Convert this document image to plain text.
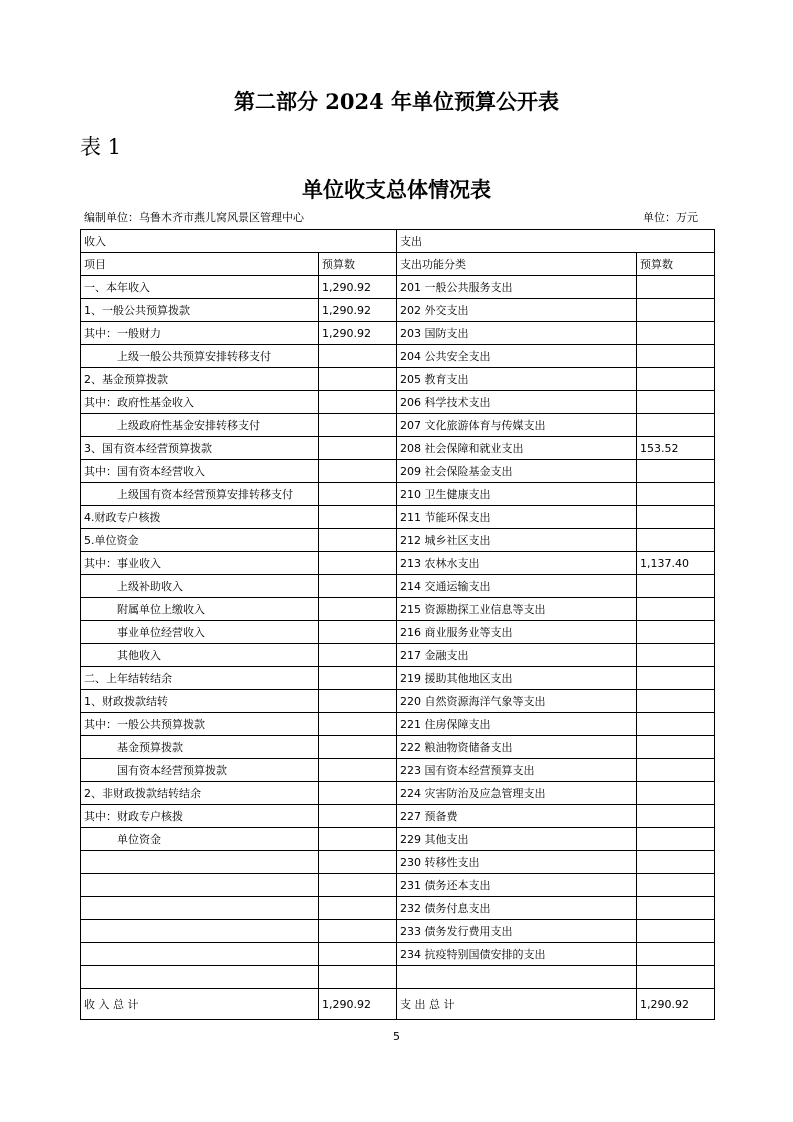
第二部分 2024 年单位预算公开表
表 1
单位收支总体情况表
编制单位：乌鲁木齐市燕儿窝风景区管理中心	单位：万元
收入		支出	
项目	预算数	支出功能分类	预算数
一、本年收入	1,290.92	201 一般公共服务支出	
1、一般公共预算拨款	1,290.92	202 外交支出	
其中：一般财力	1,290.92	203 国防支出	
上级一般公共预算安排转移支付		204 公共安全支出	
2、基金预算拨款		205 教育支出	
其中：政府性基金收入		206 科学技术支出	
上级政府性基金安排转移支付		207 文化旅游体育与传媒支出	
3、国有资本经营预算拨款		208 社会保障和就业支出	153.52
其中：国有资本经营收入		209 社会保险基金支出	
上级国有资本经营预算安排转移支付		210 卫生健康支出	
4.财政专户核拨		211 节能环保支出	
5.单位资金		212 城乡社区支出	
其中：事业收入		213 农林水支出	1,137.40
上级补助收入		214 交通运输支出	
附属单位上缴收入		215 资源勘探工业信息等支出	
事业单位经营收入		216 商业服务业等支出	
其他收入		217 金融支出	
二、上年结转结余		219 援助其他地区支出	
1、财政拨款结转		220 自然资源海洋气象等支出	
其中：一般公共预算拨款		221 住房保障支出	
基金预算拨款		222 粮油物资储备支出	
国有资本经营预算拨款		223 国有资本经营预算支出	
2、非财政拨款结转结余		224 灾害防治及应急管理支出	
其中：财政专户核拨		227 预备费	
单位资金		229 其他支出	
		230 转移性支出	
		231 债务还本支出	
		232 债务付息支出	
		233 债务发行费用支出	
		234 抗疫特别国债安排的支出	

收 入 总 计	1,290.92	支 出 总 计	1,290.92
5
